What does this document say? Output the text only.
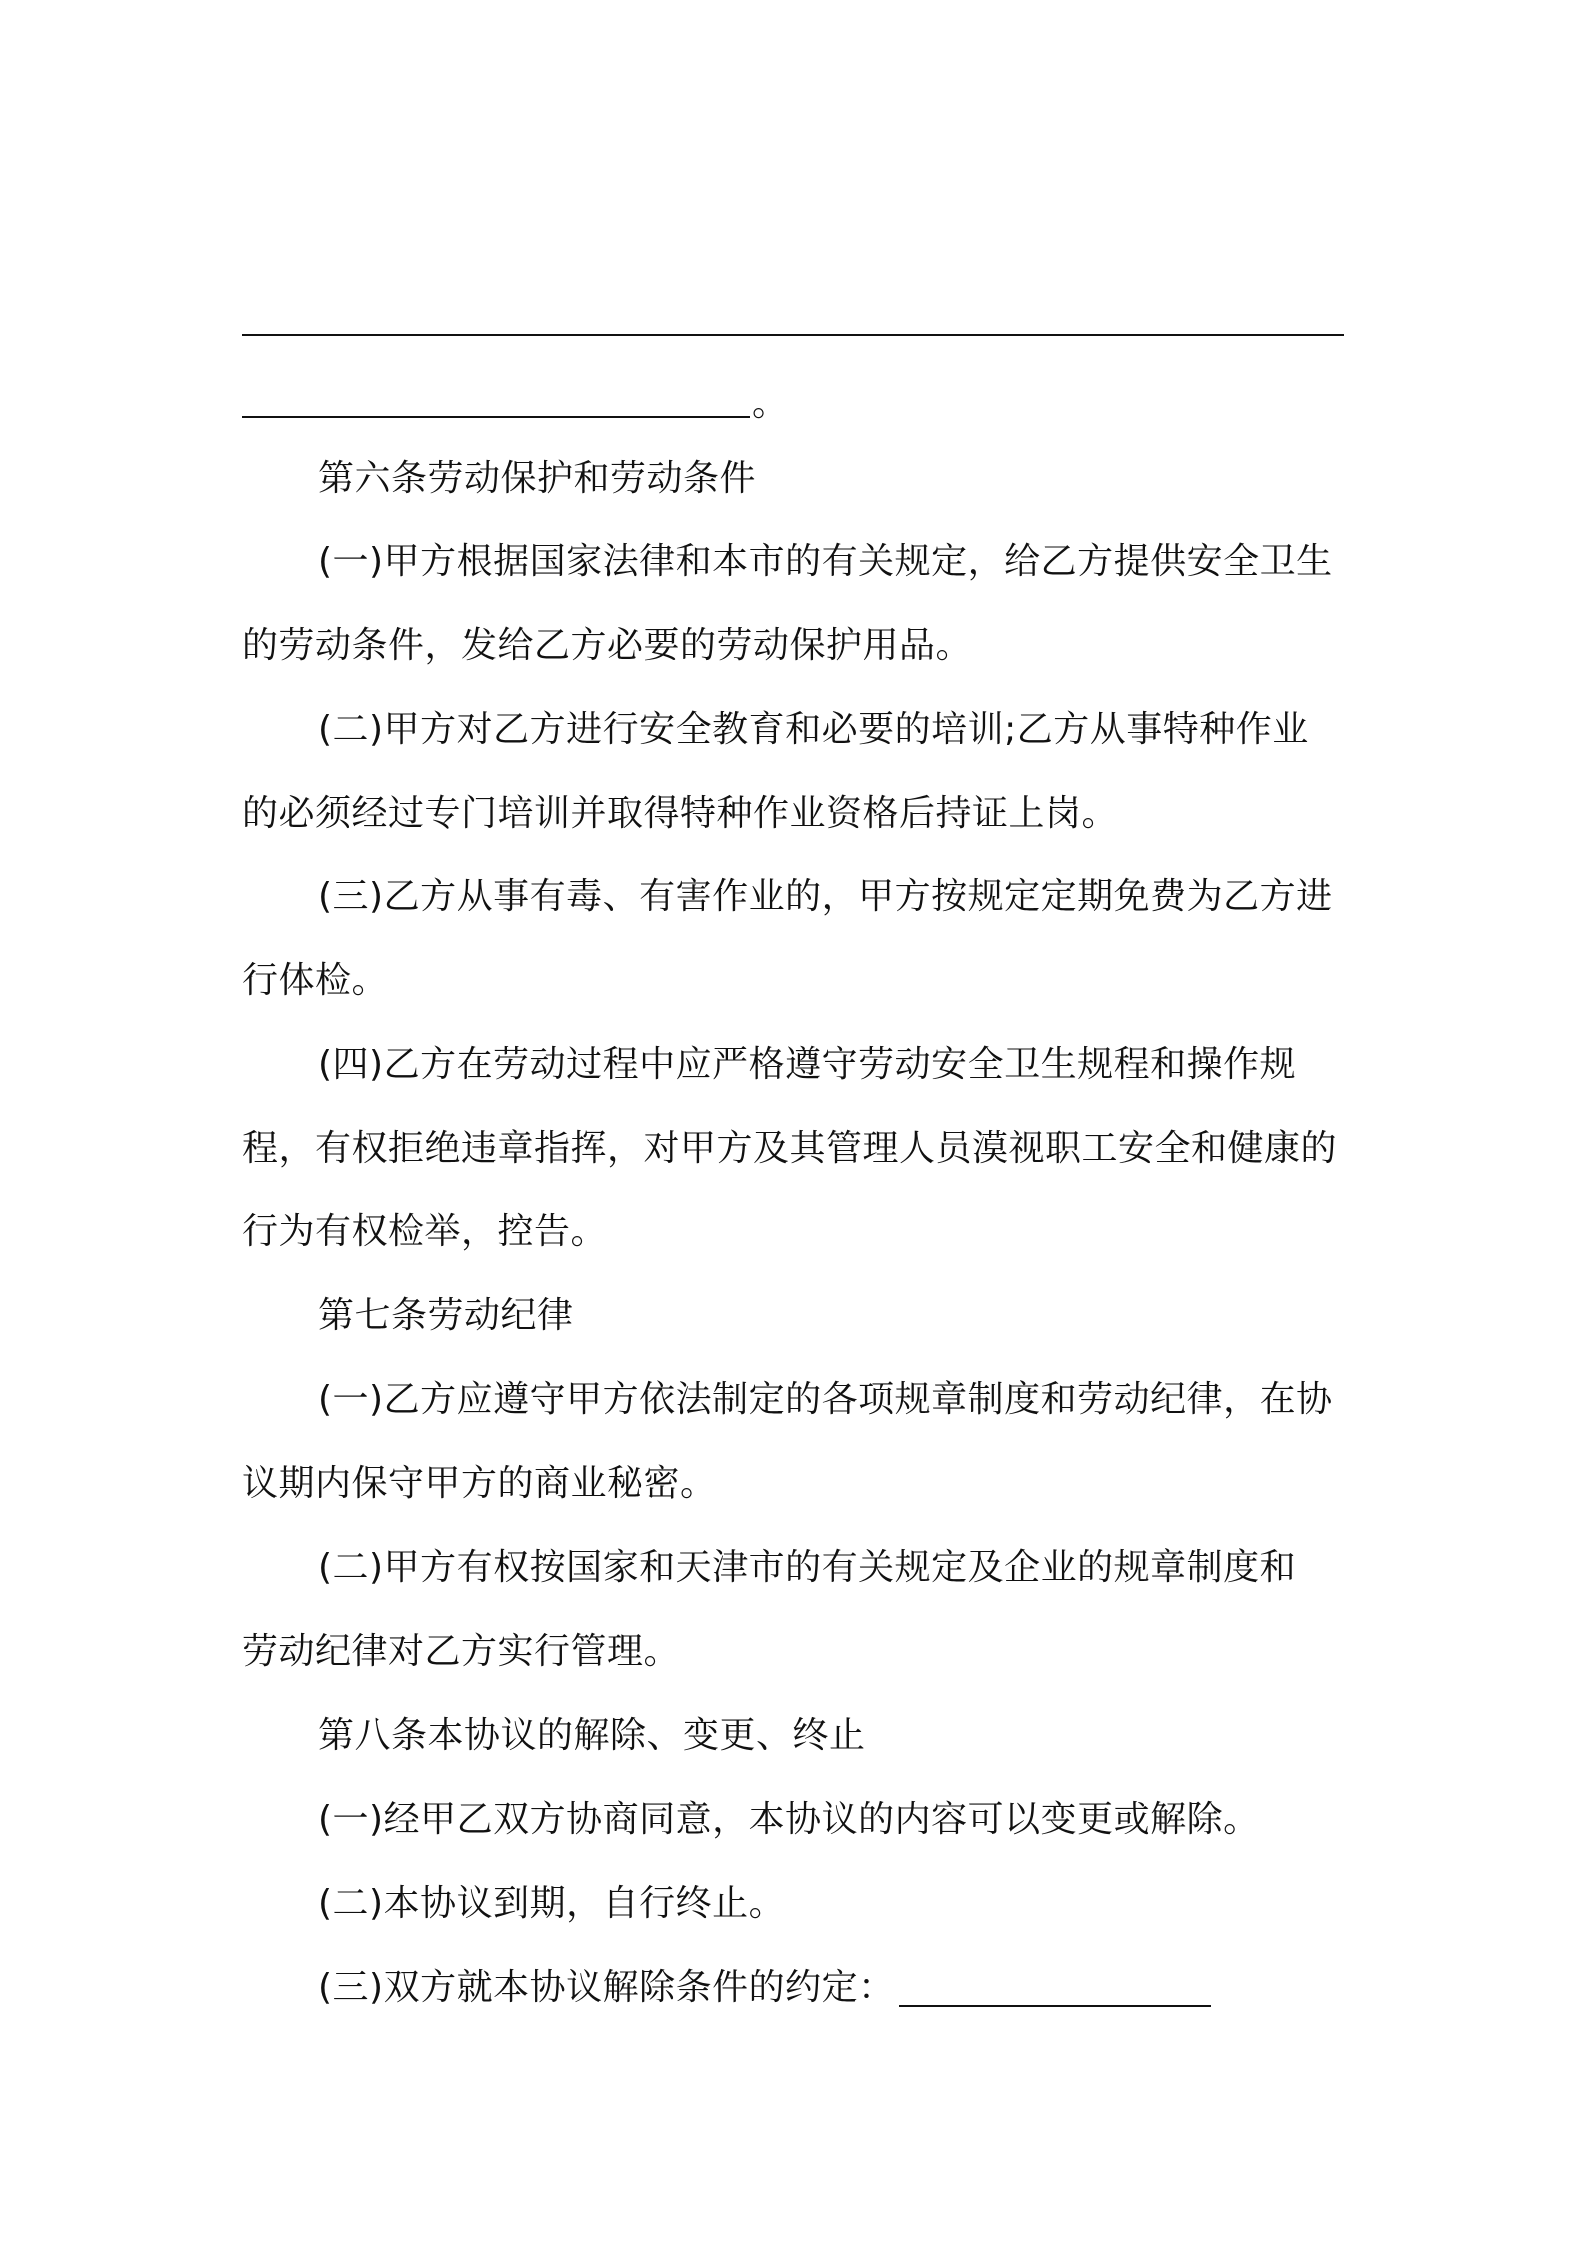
。
第六条劳动保护和劳动条件
(一)甲方根据国家法律和本市的有关规定，给乙方提供安全卫生
的劳动条件，发给乙方必要的劳动保护用品。
(二)甲方对乙方进行安全教育和必要的培训;乙方从事特种作业
的必须经过专门培训并取得特种作业资格后持证上岗。
(三)乙方从事有毒、有害作业的，甲方按规定定期免费为乙方进
行体检。
(四)乙方在劳动过程中应严格遵守劳动安全卫生规程和操作规
程，有权拒绝违章指挥，对甲方及其管理人员漠视职工安全和健康的
行为有权检举，控告。
第七条劳动纪律
(一)乙方应遵守甲方依法制定的各项规章制度和劳动纪律，在协
议期内保守甲方的商业秘密。
(二)甲方有权按国家和天津市的有关规定及企业的规章制度和
劳动纪律对乙方实行管理。
第八条本协议的解除、变更、终止
(一)经甲乙双方协商同意，本协议的内容可以变更或解除。
(二)本协议到期，自行终止。
(三)双方就本协议解除条件的约定：
